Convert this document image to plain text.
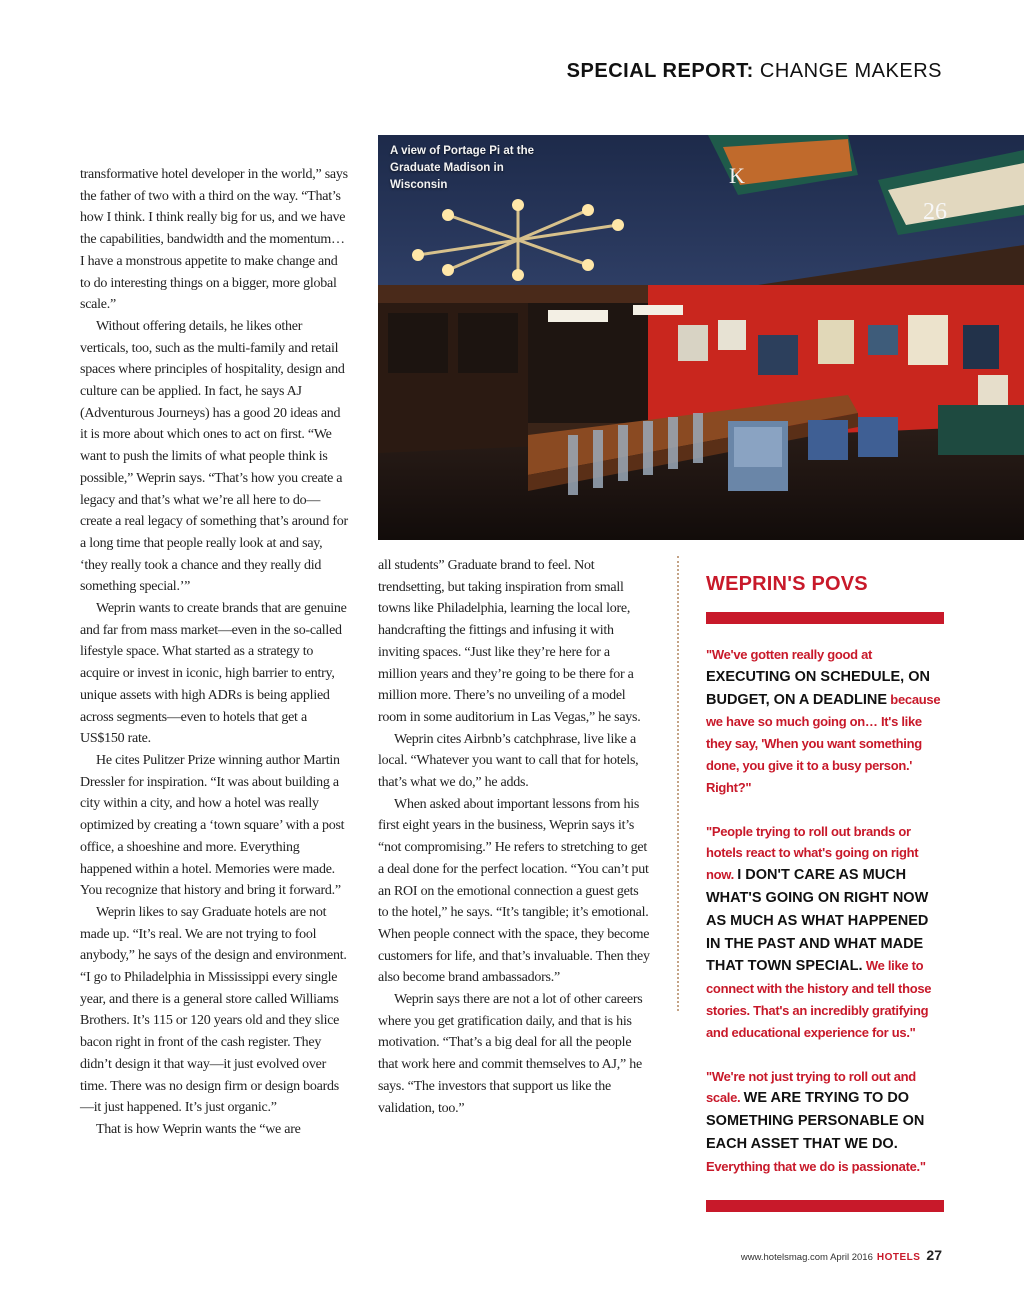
SPECIAL REPORT: CHANGE MAKERS
K
26
A view of Portage Pi at the Graduate Madison in Wisconsin

transformative hotel developer in the world,” says the father of two with a third on the way. “That’s how I think. I think really big for us, and we have the capabilities, bandwidth and the momentum… I have a monstrous appetite to make change and to do interesting things on a bigger, more global scale.”

Without offering details, he likes other verticals, too, such as the multi-family and retail spaces where principles of hospitality, design and culture can be applied. In fact, he says AJ (Adventurous Journeys) has a good 20 ideas and it is more about which ones to act on first. “We want to push the limits of what people think is possible,” Weprin says. “That’s how you create a legacy and that’s what we’re all here to do—create a real legacy of something that’s around for a long time that people really look at and say, ‘they really took a chance and they really did something special.’”

Weprin wants to create brands that are genuine and far from mass market—even in the so-called lifestyle space. What started as a strategy to acquire or invest in iconic, high barrier to entry, unique assets with high ADRs is being applied across segments—even to hotels that get a US$150 rate.

He cites Pulitzer Prize winning author Martin Dressler for inspiration. “It was about building a city within a city, and how a hotel was really optimized by creating a ‘town square’ with a post office, a shoeshine and more. Everything happened within a hotel. Memories were made. You recognize that history and bring it forward.”

Weprin likes to say Graduate hotels are not made up. “It’s real. We are not trying to fool anybody,” he says of the design and environment. “I go to Philadelphia in Mississippi every single year, and there is a general store called Williams Brothers. It’s 115 or 120 years old and they slice bacon right in front of the cash register. They didn’t design it that way—it just evolved over time. There was no design firm or design boards—it just happened. It’s just organic.”

That is how Weprin wants the “we are

all students” Graduate brand to feel. Not trendsetting, but taking inspiration from small towns like Philadelphia, learning the local lore, handcrafting the fittings and infusing it with inviting spaces. “Just like they’re here for a million years and they’re going to be there for a million more. There’s no unveiling of a model room in some auditorium in Las Vegas,” he says.

Weprin cites Airbnb’s catchphrase, live like a local. “Whatever you want to call that for hotels, that’s what we do,” he adds.

When asked about important lessons from his first eight years in the business, Weprin says it’s “not compromising.” He refers to stretching to get a deal done for the perfect location. “You can’t put an ROI on the emotional connection a guest gets to the hotel,” he says. “It’s tangible; it’s emotional. When people connect with the space, they become customers for life, and that’s invaluable. Then they also become brand ambassadors.”

Weprin says there are not a lot of other careers where you get gratification daily, and that is his motivation. “That’s a big deal for all the people that work here and commit themselves to AJ,” he says. “The investors that support us like the validation, too.”

WEPRIN'S POVS
"We've gotten really good at EXECUTING ON SCHEDULE, ON BUDGET, ON A DEADLINE because we have so much going on… It's like they say, 'When you want something done, you give it to a busy person.' Right?"
"People trying to roll out brands or hotels react to what's going on right now. I DON'T CARE AS MUCH WHAT'S GOING ON RIGHT NOW AS MUCH AS WHAT HAPPENED IN THE PAST AND WHAT MADE THAT TOWN SPECIAL. We like to connect with the history and tell those stories. That's an incredibly gratifying and educational experience for us."
"We're not just trying to roll out and scale. WE ARE TRYING TO DO SOMETHING PERSONABLE ON EACH ASSET THAT WE DO. Everything that we do is passionate."
www.hotelsmag.com April 2016 HOTELS 27
